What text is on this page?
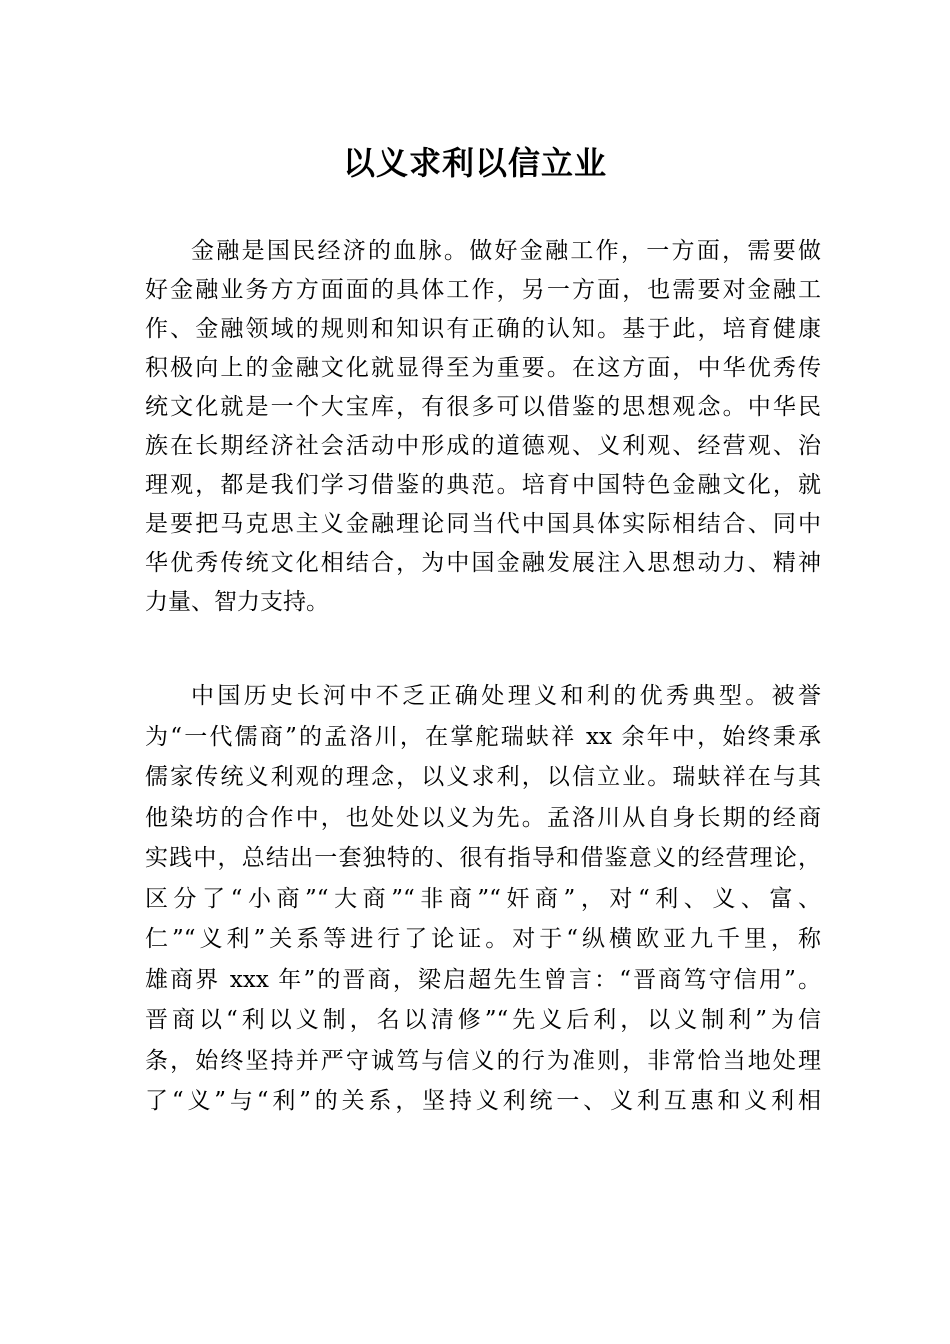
以义求利以信立业
金融是国民经济的血脉。做好金融工作，一方面，需要做
好金融业务方方面面的具体工作，另一方面，也需要对金融工
作、金融领域的规则和知识有正确的认知。基于此，培育健康
积极向上的金融文化就显得至为重要。在这方面，中华优秀传
统文化就是一个大宝库，有很多可以借鉴的思想观念。中华民
族在长期经济社会活动中形成的道德观、义利观、经营观、治
理观，都是我们学习借鉴的典范。培育中国特色金融文化，就
是要把马克思主义金融理论同当代中国具体实际相结合、同中
华优秀传统文化相结合，为中国金融发展注入思想动力、精神
力量、智力支持。
中国历史长河中不乏正确处理义和利的优秀典型。被誉
为“一代儒商”的孟洛川，在掌舵瑞蚨祥 xx 余年中，始终秉承
儒家传统义利观的理念，以义求利，以信立业。瑞蚨祥在与其
他染坊的合作中，也处处以义为先。孟洛川从自身长期的经商
实践中，总结出一套独特的、很有指导和借鉴意义的经营理论，
区分了“小商”“大商”“非商”“奸商”，对“利、义、富、
仁”“义利”关系等进行了论证。对于“纵横欧亚九千里，称
雄商界 xxx 年”的晋商，梁启超先生曾言：“晋商笃守信用”。
晋商以“利以义制，名以清修”“先义后利，以义制利”为信
条，始终坚持并严守诚笃与信义的行为准则，非常恰当地处理
了“义”与“利”的关系，坚持义利统一、义利互惠和义利相
